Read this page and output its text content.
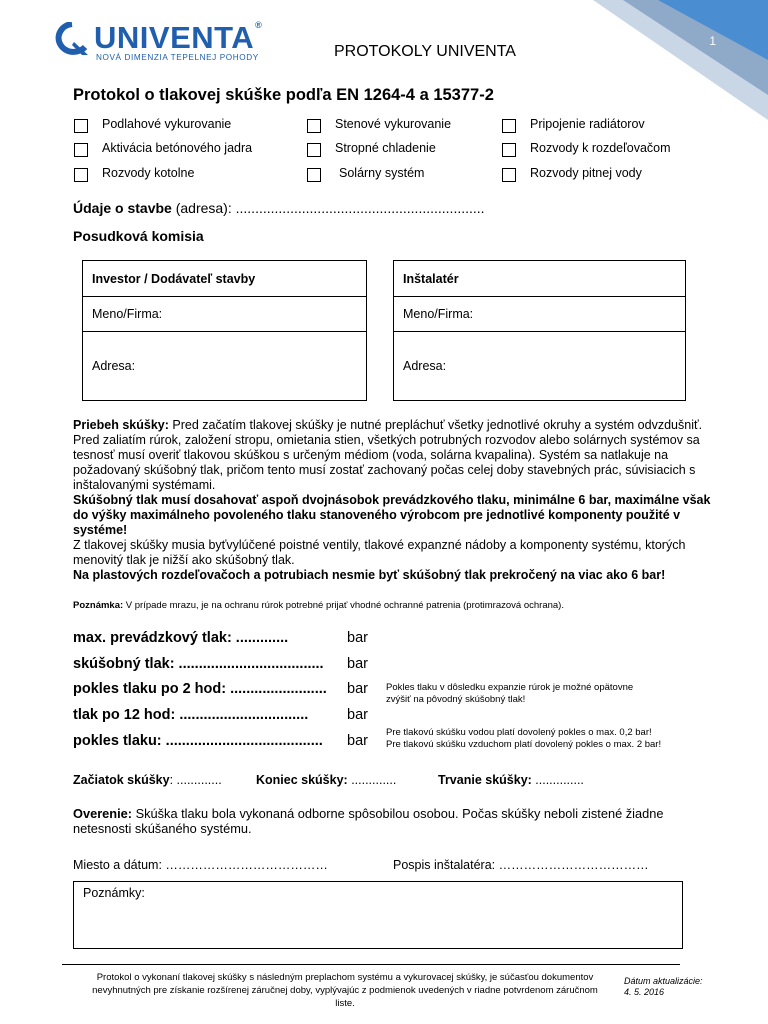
UNIVENTA®
NOVÁ DIMENZIA TEPELNEJ POHODY	PROTOKOLY UNIVENTA
1
Protokol o tlakovej skúške podľa EN 1264-4 a 15377-2
Podlahové vykurovanie	Stenové vykurovanie	Pripojenie radiátorov
Aktivácia betónového jadra	Stropné chladenie	Rozvody k rozdeľovačom
Rozvody kotolne	Solárny systém	Rozvody pitnej vody
Údaje o stavbe (adresa): ................................................................
Posudková komisia
Investor / Dodávateľ stavby
Meno/Firma:
Adresa:
Inštalatér
Meno/Firma:
Adresa:
Priebeh skúšky: Pred začatím tlakovej skúšky je nutné prepláchuť všetky jednotlivé okruhy a systém odvzdušniť. Pred zaliatím rúrok, založení stropu, omietania stien, všetkých potrubných rozvodov alebo solárnych systémov sa tesnosť musí overiť tlakovou skúškou s určeným médiom (voda, solárna kvapalina). Systém sa natlakuje na požadovaný skúšobný tlak, pričom tento musí zostať zachovaný počas celej doby stavebných prác, súvisiacich s inštalovanými systémami.
Skúšobný tlak musí dosahovať aspoň dvojnásobok prevádzkového tlaku, minimálne 6 bar, maximálne však do výšky maximálneho povoleného tlaku stanoveného výrobcom pre jednotlivé komponenty použité v systéme!
Z tlakovej skúšky musia byťvylúčené poistné ventily, tlakové expanzné nádoby a komponenty systému, ktorých menovitý tlak je nižší ako skúšobný tlak.
Na plastových rozdeľovačoch a potrubiach nesmie byť skúšobný tlak prekročený na viac ako 6 bar!
Poznámka: V prípade mrazu, je na ochranu rúrok potrebné prijať vhodné ochranné patrenia (protimrazová ochrana).
max. prevádzkový tlak: .............	bar
skúšobný tlak: .................................... bar
pokles tlaku po 2 hod: ........................ bar
tlak po 12 hod: ................................	bar
pokles tlaku: ....................................... bar
Pokles tlaku v dôsledku expanzie rúrok je možné opätovne
zvýšiť na pôvodný skúšobný tlak!
Pre tlakovú skúšku vodou platí dovolený pokles o max. 0,2 bar!
Pre tlakovú skúšku vzduchom platí dovolený pokles o max. 2 bar!
Začiatok skúšky: .............	Koniec skúšky: .............	Trvanie skúšky: ..............
Overenie: Skúška tlaku bola vykonaná odborne spôsobilou osobou. Počas skúšky neboli zistené žiadne netesnosti skúšaného systému.
Miesto a dátum: …………………………………	Pospis inštalatéra: ………………………………
Poznámky:
Protokol o vykonaní tlakovej skúšky s následným preplachom systému a vykurovacej skúšky, je súčasťou dokumentov nevyhnutných pre získanie rozšírenej záručnej doby, vyplývajúc z podmienok uvedených v riadne potvrdenom záručnom liste.
Dátum aktualizácie:
4. 5. 2016
